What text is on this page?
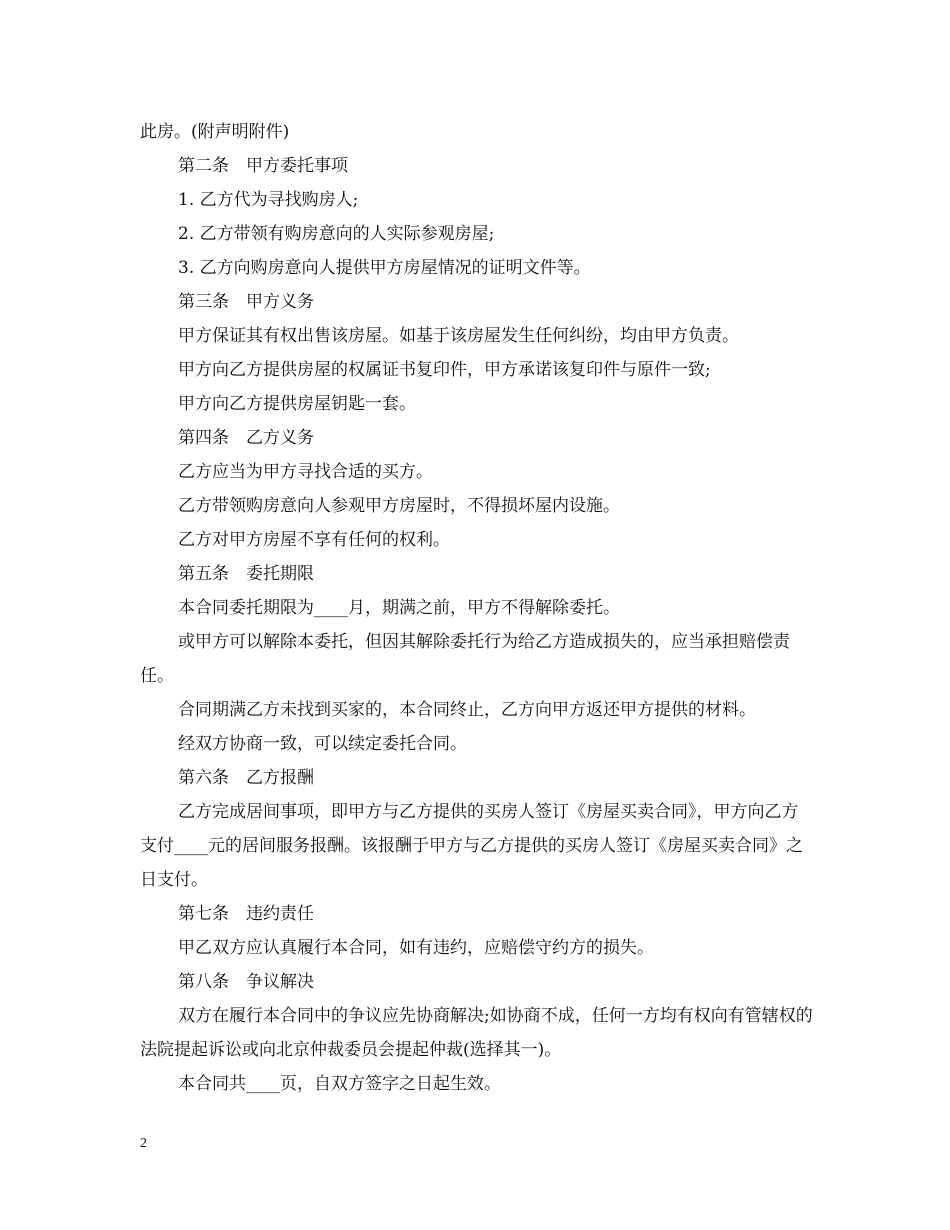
此房。(附声明附件)

第二条　甲方委托事项

1. 乙方代为寻找购房人;

2. 乙方带领有购房意向的人实际参观房屋;

3. 乙方向购房意向人提供甲方房屋情况的证明文件等。

第三条　甲方义务

甲方保证其有权出售该房屋。如基于该房屋发生任何纠纷，均由甲方负责。

甲方向乙方提供房屋的权属证书复印件，甲方承诺该复印件与原件一致;

甲方向乙方提供房屋钥匙一套。

第四条　乙方义务

乙方应当为甲方寻找合适的买方。

乙方带领购房意向人参观甲方房屋时，不得损坏屋内设施。

乙方对甲方房屋不享有任何的权利。

第五条　委托期限

本合同委托期限为____月，期满之前，甲方不得解除委托。

或甲方可以解除本委托，但因其解除委托行为给乙方造成损失的，应当承担赔偿责任。

合同期满乙方未找到买家的，本合同终止，乙方向甲方返还甲方提供的材料。

经双方协商一致，可以续定委托合同。

第六条　乙方报酬

乙方完成居间事项，即甲方与乙方提供的买房人签订《房屋买卖合同》，甲方向乙方支付____元的居间服务报酬。该报酬于甲方与乙方提供的买房人签订《房屋买卖合同》之日支付。

第七条　违约责任

甲乙双方应认真履行本合同，如有违约，应赔偿守约方的损失。

第八条　争议解决

双方在履行本合同中的争议应先协商解决;如协商不成，任何一方均有权向有管辖权的法院提起诉讼或向北京仲裁委员会提起仲裁(选择其一)。

本合同共____页，自双方签字之日起生效。

2
